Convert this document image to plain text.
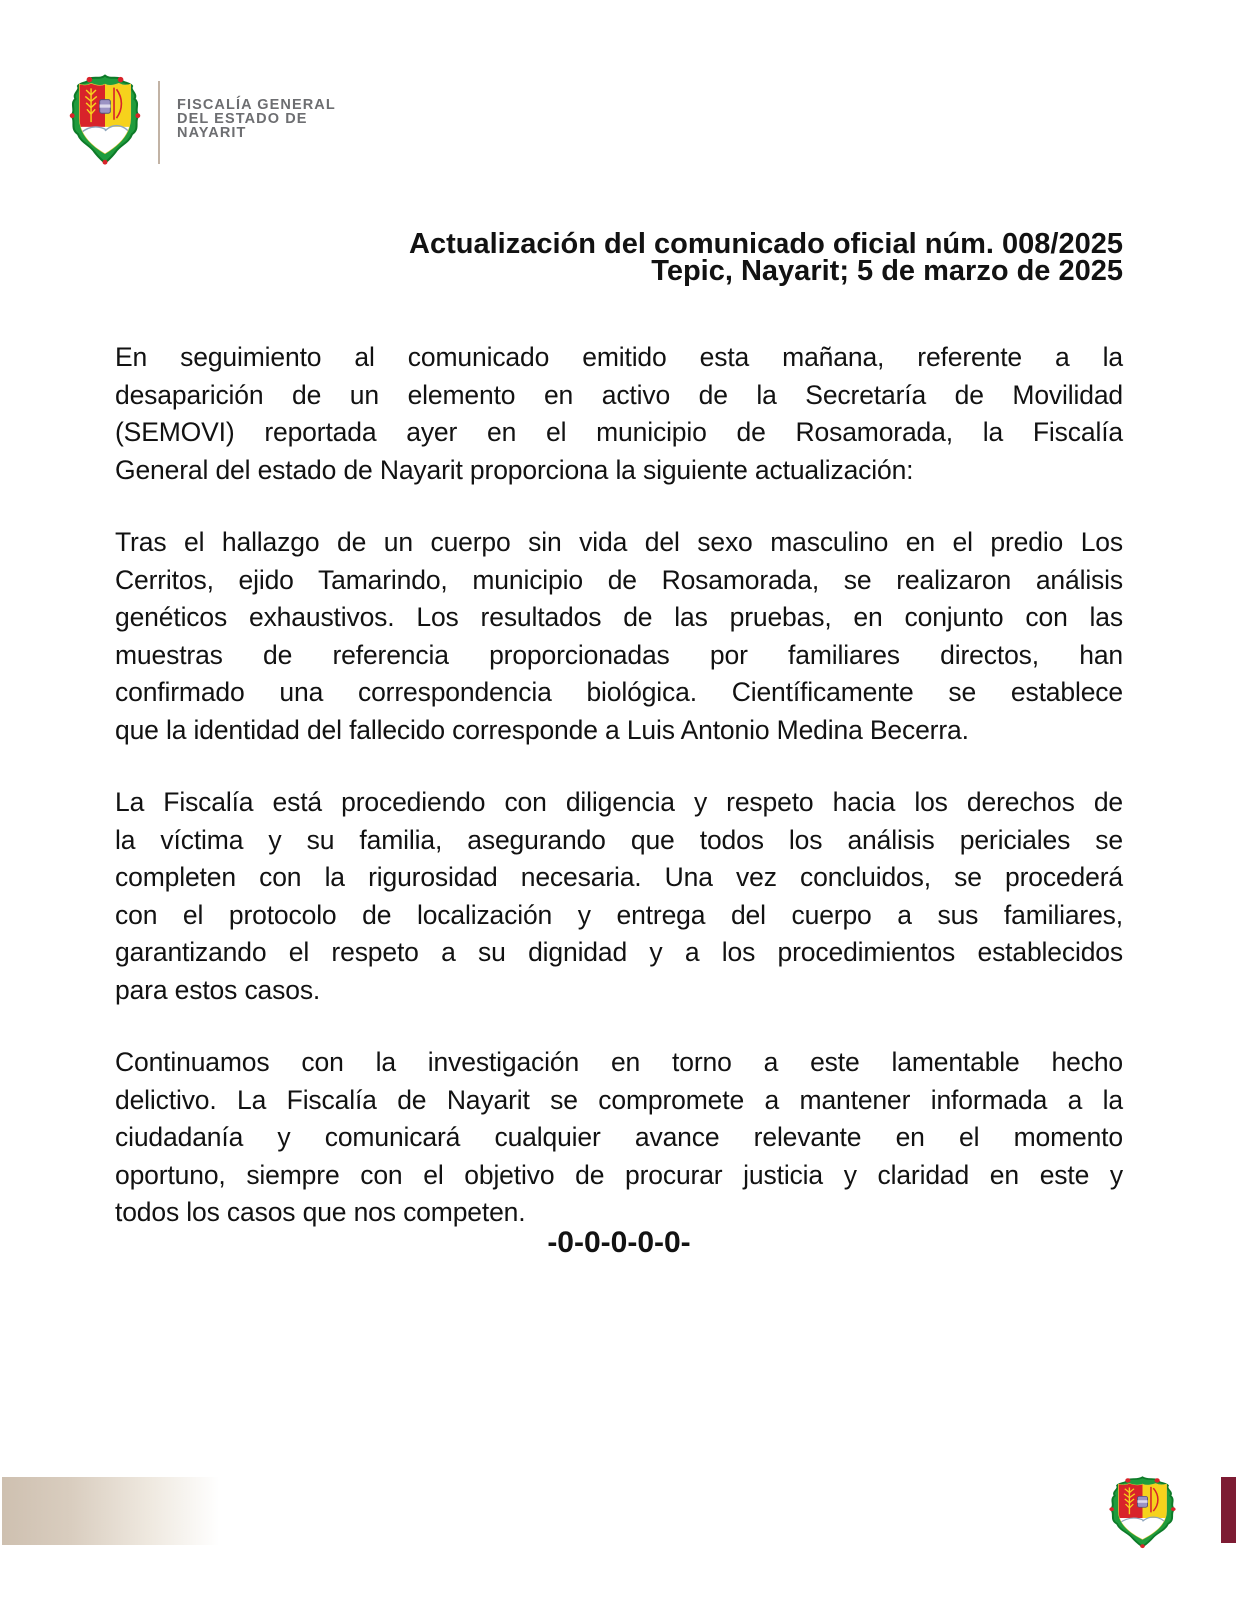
FISCALÍA GENERAL
DEL ESTADO DE
NAYARIT
Actualización del comunicado oficial núm. 008/2025
Tepic, Nayarit; 5 de marzo de 2025
En seguimiento al comunicado emitido esta mañana, referente a la
desaparición de un elemento en activo de la Secretaría de Movilidad
(SEMOVI) reportada ayer en el municipio de Rosamorada, la Fiscalía
General del estado de Nayarit proporciona la siguiente actualización:
Tras el hallazgo de un cuerpo sin vida del sexo masculino en el predio Los
Cerritos, ejido Tamarindo, municipio de Rosamorada, se realizaron análisis
genéticos exhaustivos. Los resultados de las pruebas, en conjunto con las
muestras de referencia proporcionadas por familiares directos, han
confirmado una correspondencia biológica. Científicamente se establece
que la identidad del fallecido corresponde a Luis Antonio Medina Becerra.
La Fiscalía está procediendo con diligencia y respeto hacia los derechos de
la víctima y su familia, asegurando que todos los análisis periciales se
completen con la rigurosidad necesaria. Una vez concluidos, se procederá
con el protocolo de localización y entrega del cuerpo a sus familiares,
garantizando el respeto a su dignidad y a los procedimientos establecidos
para estos casos.
Continuamos con la investigación en torno a este lamentable hecho
delictivo. La Fiscalía de Nayarit se compromete a mantener informada a la
ciudadanía y comunicará cualquier avance relevante en el momento
oportuno, siempre con el objetivo de procurar justicia y claridad en este y
todos los casos que nos competen.
-0-0-0-0-0-
